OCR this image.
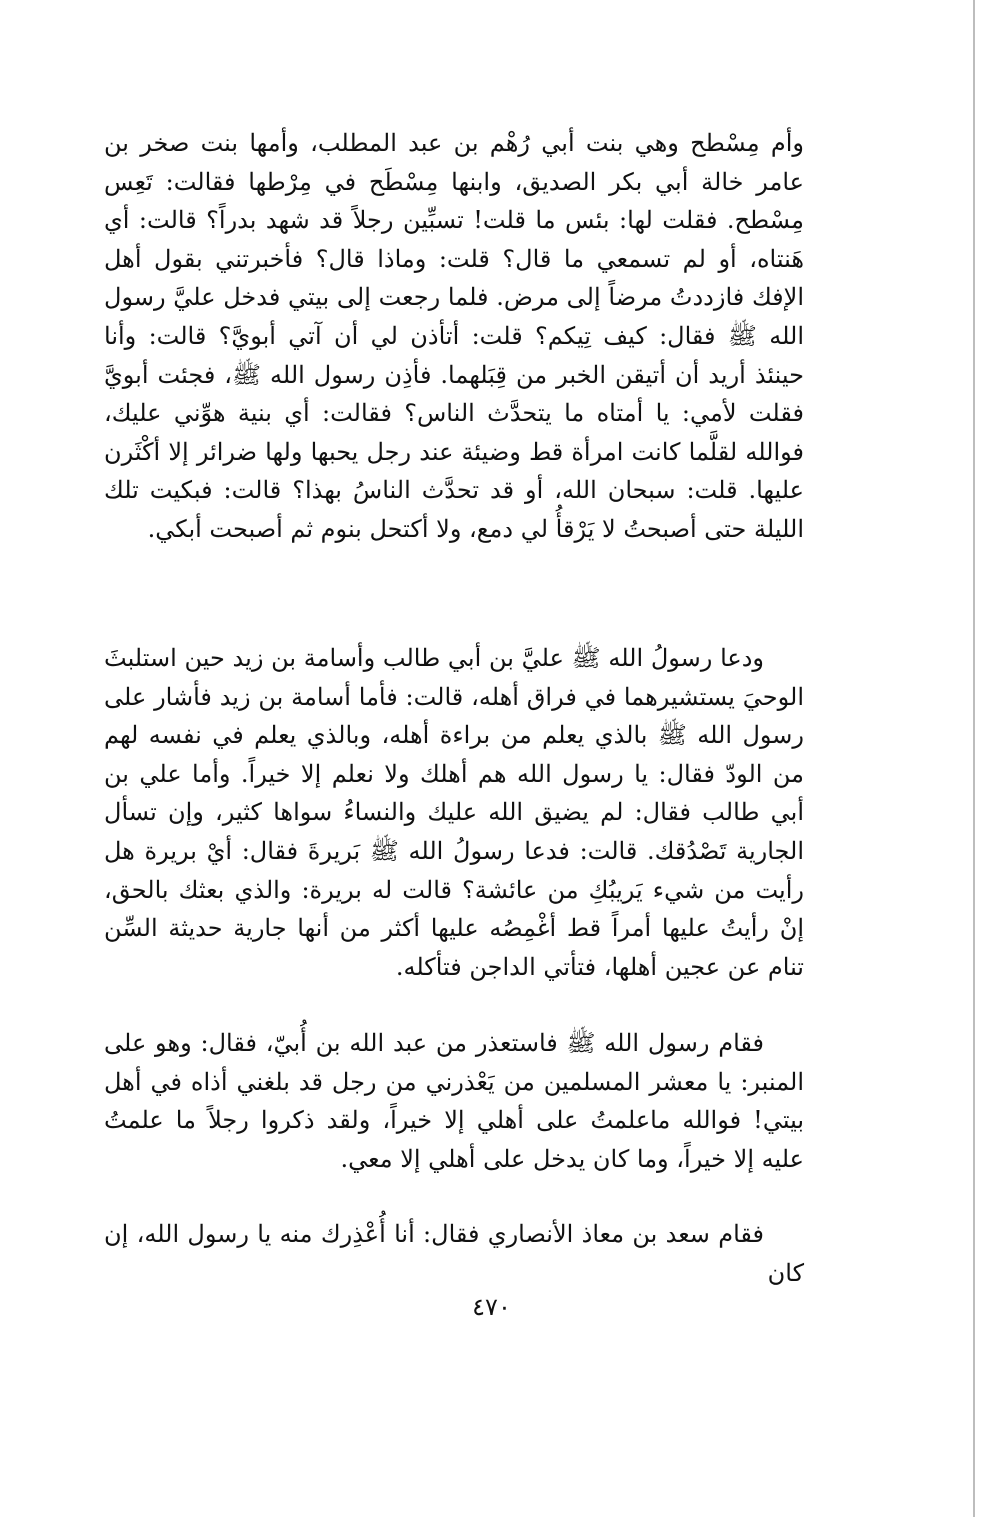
وأم مِسْطح وهي بنت أبي رُهْم بن عبد المطلب، وأمها بنت صخر بن عامر خالة أبي بكر الصديق، وابنها مِسْطَح في مِرْطها فقالت: تَعِس مِسْطح. فقلت لها: بئس ما قلت! تسبِّين رجلاً قد شهد بدراً؟ قالت: أي هَنتاه، أو لم تسمعي ما قال؟ قلت: وماذا قال؟ فأخبرتني بقول أهل الإفك فازددتُ مرضاً إلى مرض. فلما رجعت إلى بيتي فدخل عليَّ رسول الله ﷺ فقال: كيف تِيكم؟ قلت: أتأذن لي أن آتي أبويَّ؟ قالت: وأنا حينئذ أريد أن أتيقن الخبر من قِبَلهما. فأذِن رسول الله ﷺ، فجئت أبويَّ فقلت لأمي: يا أمتاه ما يتحدَّث الناس؟ فقالت: أي بنية هوِّني عليك، فوالله لقلَّما كانت امرأة قط وضيئة عند رجل يحبها ولها ضرائر إلا أكْثَرن عليها. قلت: سبحان الله، أو قد تحدَّث الناسُ بهذا؟ قالت: فبكيت تلك الليلة حتى أصبحتُ لا يَرْقأُ لي دمع، ولا أكتحل بنوم ثم أصبحت أبكي.

ودعا رسولُ الله ﷺ عليَّ بن أبي طالب وأسامة بن زيد حين استلبثَ الوحيَ يستشيرهما في فراق أهله، قالت: فأما أسامة بن زيد فأشار على رسول الله ﷺ بالذي يعلم من براءة أهله، وبالذي يعلم في نفسه لهم من الودّ فقال: يا رسول الله هم أهلك ولا نعلم إلا خيراً. وأما علي بن أبي طالب فقال: لم يضيق الله عليك والنساءُ سواها كثير، وإن تسأل الجارية تَصْدُقك. قالت: فدعا رسولُ الله ﷺ بَريرةَ فقال: أيْ بريرة هل رأيت من شيء يَريبُكِ من عائشة؟ قالت له بريرة: والذي بعثك بالحق، إنْ رأيتُ عليها أمراً قط أغْمِصُه عليها أكثر من أنها جارية حديثة السِّن تنام عن عجين أهلها، فتأتي الداجن فتأكله.

فقام رسول الله ﷺ فاستعذر من عبد الله بن أُبيّ، فقال: وهو على المنبر: يا معشر المسلمين من يَعْذرني من رجل قد بلغني أذاه في أهل بيتي! فوالله ماعلمتُ على أهلي إلا خيراً، ولقد ذكروا رجلاً ما علمتُ عليه إلا خيراً، وما كان يدخل على أهلي إلا معي.

فقام سعد بن معاذ الأنصاري فقال: أنا أُعْذِرك منه يا رسول الله، إن كان

٤٧٠
